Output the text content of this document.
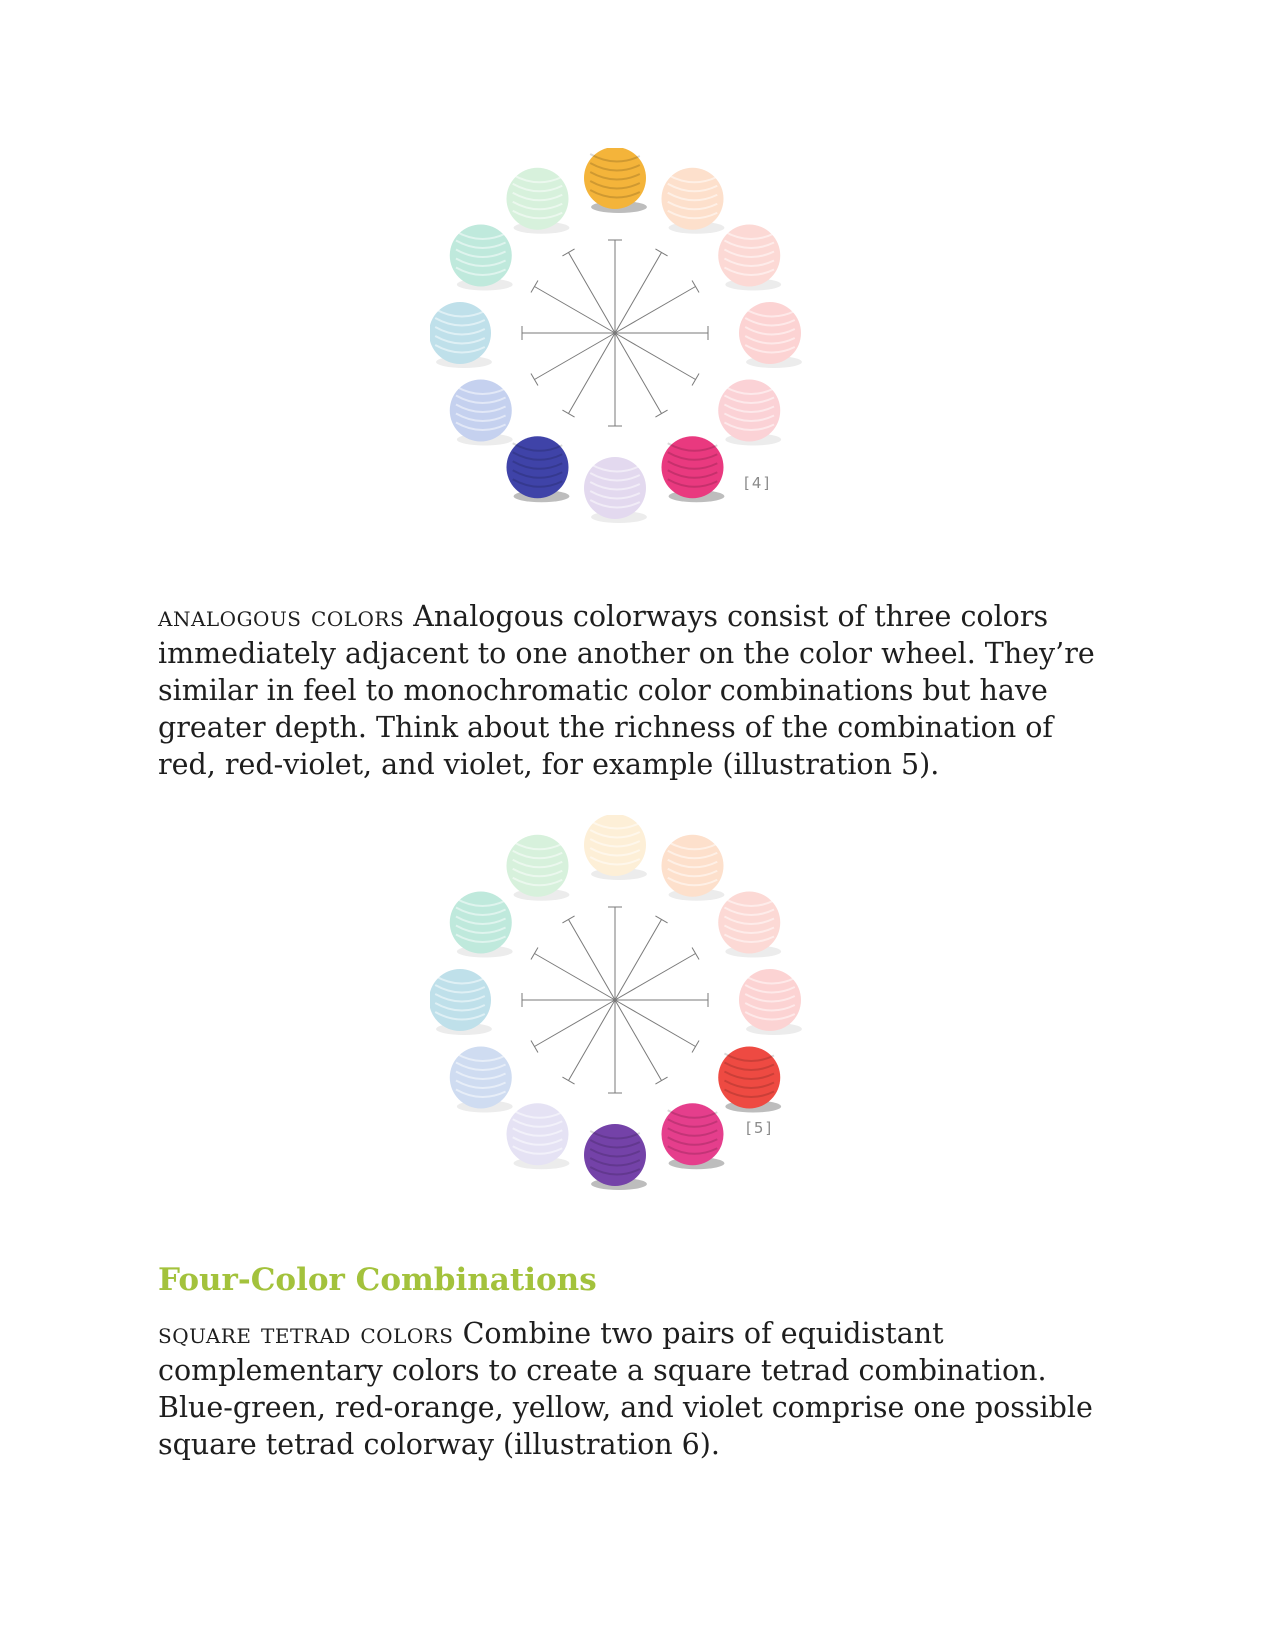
[4]

analogous colors Analogous colorways consist of three colors immediately adjacent to one another on the color wheel. They’re similar in feel to monochromatic color combinations but have greater depth. Think about the richness of the combination of red, red-violet, and violet, for example (illustration 5).

[5]
Four-Color Combinations

square tetrad colors Combine two pairs of equidistant complementary colors to create a square tetrad combination. Blue-green, red-orange, yellow, and violet comprise one possible square tetrad colorway (illustration 6).
